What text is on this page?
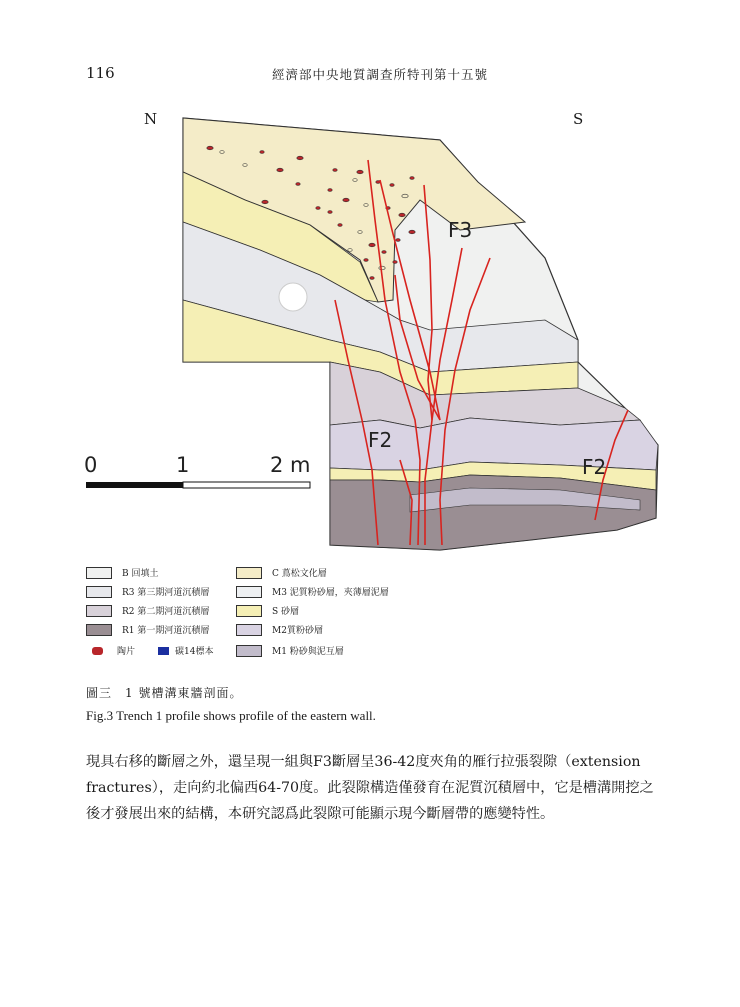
116	經濟部中央地質調查所特刊第十五號
N	S
F3
F2
F2
0	1	2 m
B 回填土
R3 第三期河道沉積層
R2 第二期河道沉積層
R1 第一期河道沉積層
陶片	碳14標本
C 蔦松文化層
M3 泥質粉砂層，夾薄層泥層
S 砂層
M2質粉砂層
M1 粉砂與泥互層
圖三　1 號槽溝東牆剖面。
Fig.3 Trench 1 profile shows profile of the eastern wall.

現具右移的斷層之外，還呈現一組與F3斷層呈36-42度夾角的雁行拉張裂隙（extension fractures），走向約北偏西64-70度。此裂隙構造僅發育在泥質沉積層中，它是槽溝開挖之後才發展出來的結構，本研究認爲此裂隙可能顯示現今斷層帶的應變特性。
